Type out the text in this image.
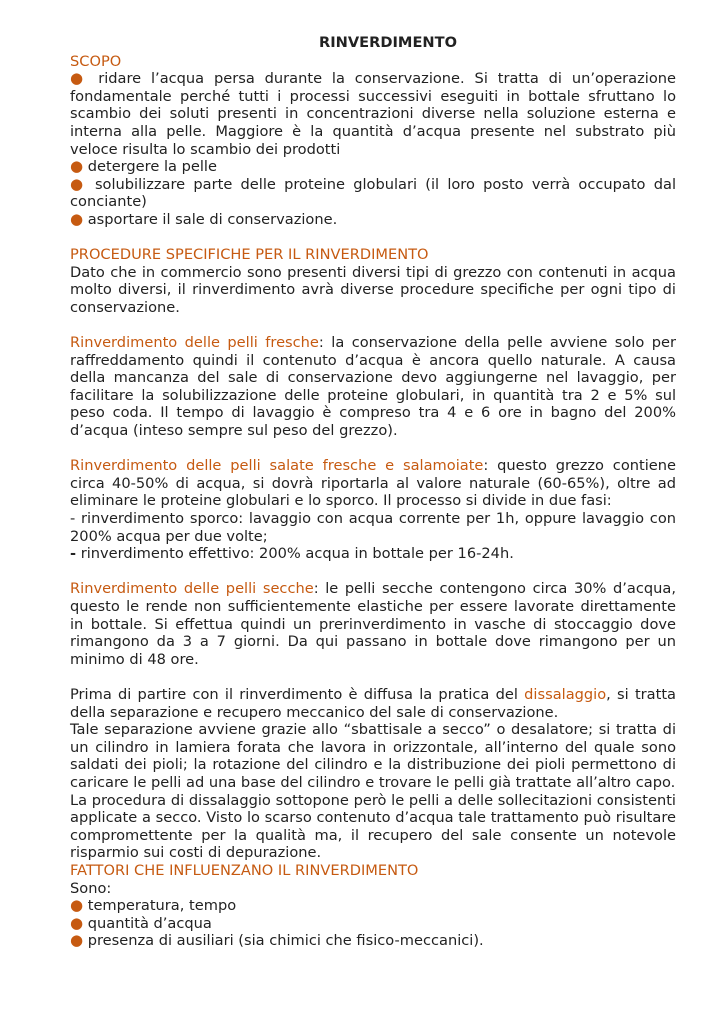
RINVERDIMENTO

SCOPO

● ridare l’acqua persa durante la conservazione. Si tratta di un’operazione fondamentale perché tutti i processi successivi eseguiti in bottale sfruttano lo scambio dei soluti presenti in concentrazioni diverse nella soluzione esterna e interna alla pelle. Maggiore è la quantità d’acqua presente nel substrato più veloce risulta lo scambio dei prodotti

● detergere la pelle

● solubilizzare parte delle proteine globulari (il loro posto verrà occupato dal conciante)

● asportare il sale di conservazione.

PROCEDURE SPECIFICHE PER IL RINVERDIMENTO

Dato che in commercio sono presenti diversi tipi di grezzo con contenuti in acqua molto diversi, il rinverdimento avrà diverse procedure specifiche per ogni tipo di conservazione.

Rinverdimento delle pelli fresche: la conservazione della pelle avviene solo per raffreddamento quindi il contenuto d’acqua è ancora quello naturale. A causa della mancanza del sale di conservazione devo aggiungerne nel lavaggio, per facilitare la solubilizzazione delle proteine globulari, in quantità tra 2 e 5% sul peso coda. Il tempo di lavaggio è compreso tra 4 e 6 ore in bagno del 200% d’acqua (inteso sempre sul peso del grezzo).

Rinverdimento delle pelli salate fresche e salamoiate: questo grezzo contiene circa 40-50% di acqua, si dovrà riportarla al valore naturale (60-65%), oltre ad eliminare le proteine globulari e lo sporco. Il processo si divide in due fasi:

- rinverdimento sporco: lavaggio con acqua corrente per 1h, oppure lavaggio con 200% acqua per due volte;

- rinverdimento effettivo: 200% acqua in bottale per 16-24h.

Rinverdimento delle pelli secche: le pelli secche contengono circa 30% d’acqua, questo le rende non sufficientemente elastiche per essere lavorate direttamente in bottale. Si effettua quindi un prerinverdimento in vasche di stoccaggio dove rimangono da 3 a 7 giorni. Da qui passano in bottale dove rimangono per un minimo di 48 ore.

Prima di partire con il rinverdimento è diffusa la pratica del dissalaggio, si tratta della separazione e recupero meccanico del sale di conservazione.

Tale separazione avviene grazie allo “sbattisale a secco” o desalatore; si tratta di un cilindro in lamiera forata che lavora in orizzontale, all’interno del quale sono saldati dei pioli; la rotazione del cilindro e la distribuzione dei pioli permettono di caricare le pelli ad una base del cilindro e trovare le pelli già trattate all’altro capo.

La procedura di dissalaggio sottopone però le pelli a delle sollecitazioni consistenti applicate a secco. Visto lo scarso contenuto d’acqua tale trattamento può risultare compromettente per la qualità ma, il recupero del sale consente un notevole risparmio sui costi di depurazione.

FATTORI CHE INFLUENZANO IL RINVERDIMENTO

Sono:

● temperatura, tempo

● quantità d’acqua

● presenza di ausiliari (sia chimici che fisico-meccanici).
